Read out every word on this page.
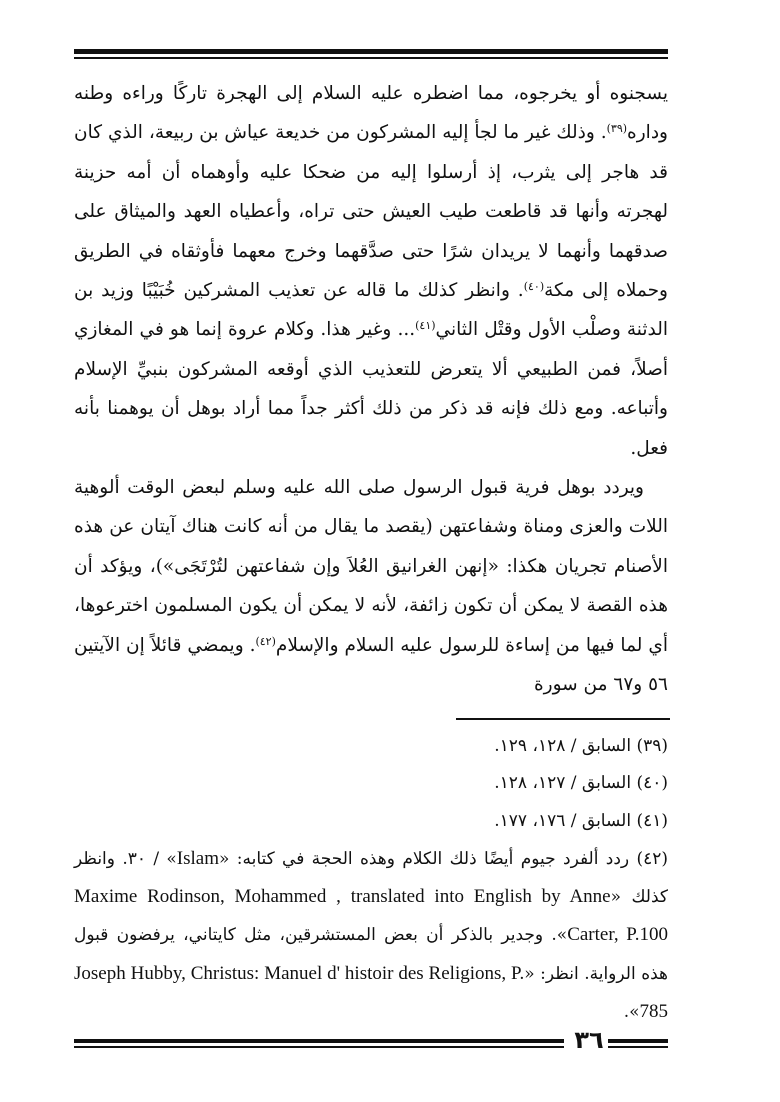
يسجنوه أو يخرجوه، مما اضطره عليه السلام إلى الهجرة تاركًا وراءه وطنه وداره$^{(٣٩)}$. وذلك غير ما لجأ إليه المشركون من خديعة عياش بن ربيعة، الذي كان قد هاجر إلى يثرب، إذ أرسلوا إليه من ضحكا عليه وأوهماه أن أمه حزينة لهجرته وأنها قد قاطعت طيب العيش حتى تراه، وأعطياه العهد والميثاق على صدقهما وأنهما لا يريدان شرًا حتى صدَّقهما وخرج معهما فأوثقاه في الطريق وحملاه إلى مكة$^{(٤٠)}$. وانظر كذلك ما قاله عن تعذيب المشركين خُبَيْبًا وزيد بن الدثنة وصلْب الأول وقتْل الثاني$^{(٤١)}$... وغير هذا. وكلام عروة إنما هو في المغازي أصلاً، فمن الطبيعي ألا يتعرض للتعذيب الذي أوقعه المشركون بنبيِّ الإسلام وأتباعه. ومع ذلك فإنه قد ذكر من ذلك أكثر جداً مما أراد بوهل أن يوهمنا بأنه فعل.

ويردد بوهل فرية قبول الرسول صلى الله عليه وسلم لبعض الوقت ألوهية اللات والعزى ومناة وشفاعتهن (يقصد ما يقال من أنه كانت هناك آيتان عن هذه الأصنام تجريان هكذا: «إنهن الغرانيق العُلاَ وإن شفاعتهن لتُرْتَجَى»)، ويؤكد أن هذه القصة لا يمكن أن تكون زائفة، لأنه لا يمكن أن يكون المسلمون اخترعوها، أي لما فيها من إساءة للرسول عليه السلام والإسلام$^{(٤٢)}$. ويمضي قائلاً إن الآيتين ٥٦ و٦٧ من سورة

(٣٩) السابق / ١٢٨، ١٢٩.

(٤٠) السابق / ١٢٧، ١٢٨.

(٤١) السابق / ١٧٦، ١٧٧.

(٤٢) ردد ألفرد جيوم أيضًا ذلك الكلام وهذه الحجة في كتابه: «Islam» / ٣٠. وانظر كذلك «Maxime Rodinson, Mohammed , translated into English by Anne Carter, P.100». وجدير بالذكر أن بعض المستشرقين، مثل كايتاني، يرفضون قبول هذه الرواية. انظر: «Joseph Hubby, Christus: Manuel d' histoir des Religions, P. 785».

٣٦
